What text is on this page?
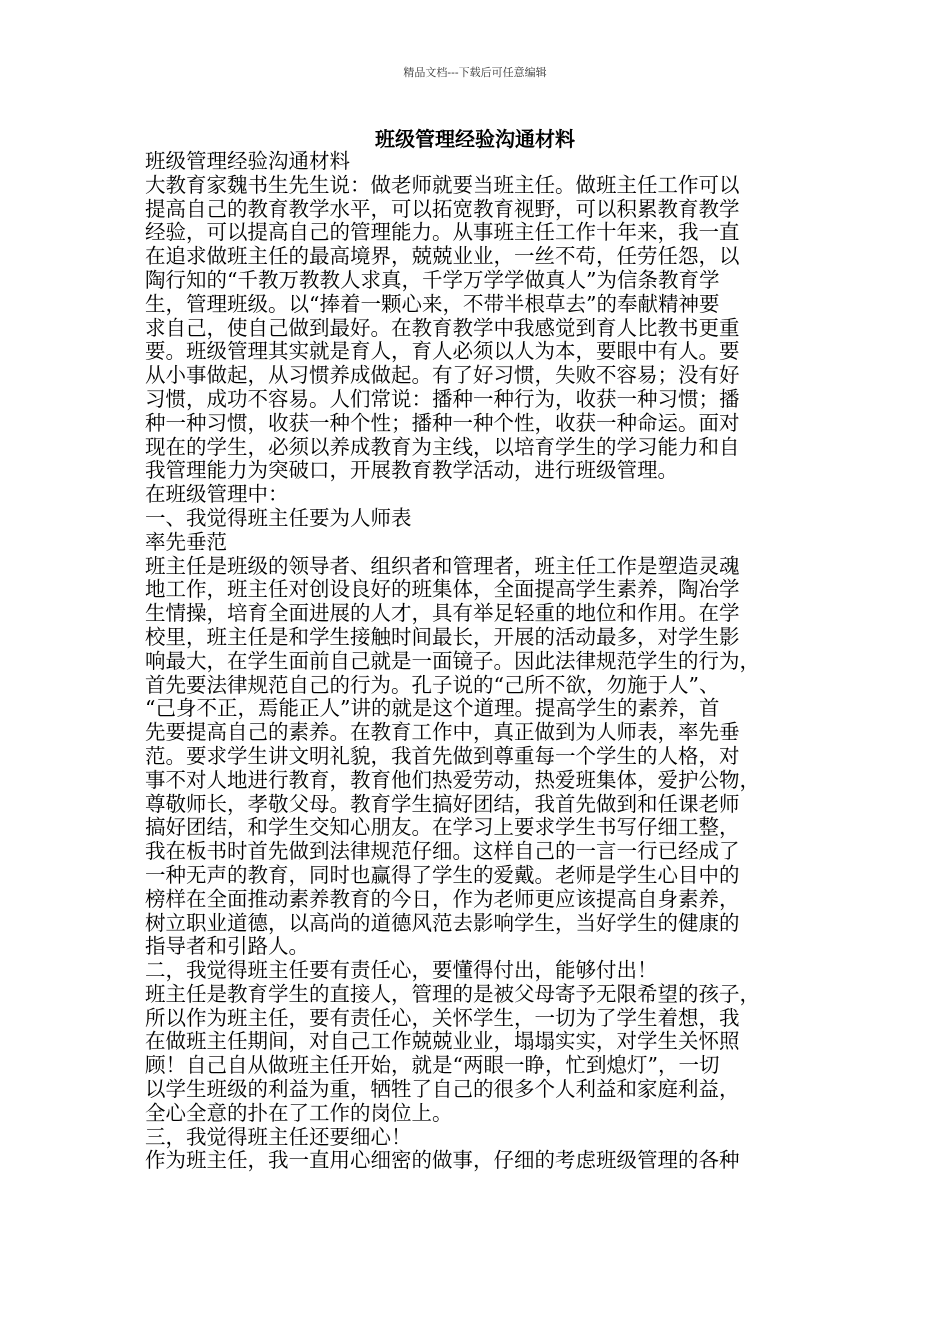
精品文档---下载后可任意编辑
班级管理经验沟通材料
班级管理经验沟通材料
大教育家魏书生先生说：做老师就要当班主任。做班主任工作可以
提高自己的教育教学水平，可以拓宽教育视野，可以积累教育教学
经验，可以提高自己的管理能力。从事班主任工作十年来，我一直
在追求做班主任的最高境界，兢兢业业，一丝不苟，任劳任怨，以
陶行知的“千教万教教人求真，千学万学学做真人”为信条教育学
生，管理班级。以“捧着一颗心来，不带半根草去”的奉献精神要
求自己，使自己做到最好。在教育教学中我感觉到育人比教书更重
要。班级管理其实就是育人，育人必须以人为本，要眼中有人。要
从小事做起，从习惯养成做起。有了好习惯，失败不容易；没有好
习惯，成功不容易。人们常说：播种一种行为，收获一种习惯；播
种一种习惯，收获一种个性；播种一种个性，收获一种命运。面对
现在的学生，必须以养成教育为主线，以培育学生的学习能力和自
我管理能力为突破口，开展教育教学活动，进行班级管理。
在班级管理中：
一、我觉得班主任要为人师表
率先垂范
班主任是班级的领导者、组织者和管理者，班主任工作是塑造灵魂
地工作，班主任对创设良好的班集体，全面提高学生素养，陶冶学
生情操，培育全面进展的人才，具有举足轻重的地位和作用。在学
校里，班主任是和学生接触时间最长，开展的活动最多，对学生影
响最大，在学生面前自己就是一面镜子。因此法律规范学生的行为，
首先要法律规范自己的行为。孔子说的“己所不欲，勿施于人”、
“己身不正，焉能正人”讲的就是这个道理。提高学生的素养，首
先要提高自己的素养。在教育工作中，真正做到为人师表，率先垂
范。要求学生讲文明礼貌，我首先做到尊重每一个学生的人格，对
事不对人地进行教育，教育他们热爱劳动，热爱班集体，爱护公物，
尊敬师长，孝敬父母。教育学生搞好团结，我首先做到和任课老师
搞好团结，和学生交知心朋友。在学习上要求学生书写仔细工整，
我在板书时首先做到法律规范仔细。这样自己的一言一行已经成了
一种无声的教育，同时也赢得了学生的爱戴。老师是学生心目中的
榜样在全面推动素养教育的今日，作为老师更应该提高自身素养，
树立职业道德，以高尚的道德风范去影响学生，当好学生的健康的
指导者和引路人。
二，我觉得班主任要有责任心，要懂得付出，能够付出！
班主任是教育学生的直接人，管理的是被父母寄予无限希望的孩子，
所以作为班主任，要有责任心，关怀学生，一切为了学生着想，我
在做班主任期间，对自己工作兢兢业业，塌塌实实，对学生关怀照
顾！自己自从做班主任开始，就是“两眼一睁，忙到熄灯”，一切
以学生班级的利益为重，牺牲了自己的很多个人利益和家庭利益，
全心全意的扑在了工作的岗位上。
三，我觉得班主任还要细心！
作为班主任，我一直用心细密的做事，仔细的考虑班级管理的各种
